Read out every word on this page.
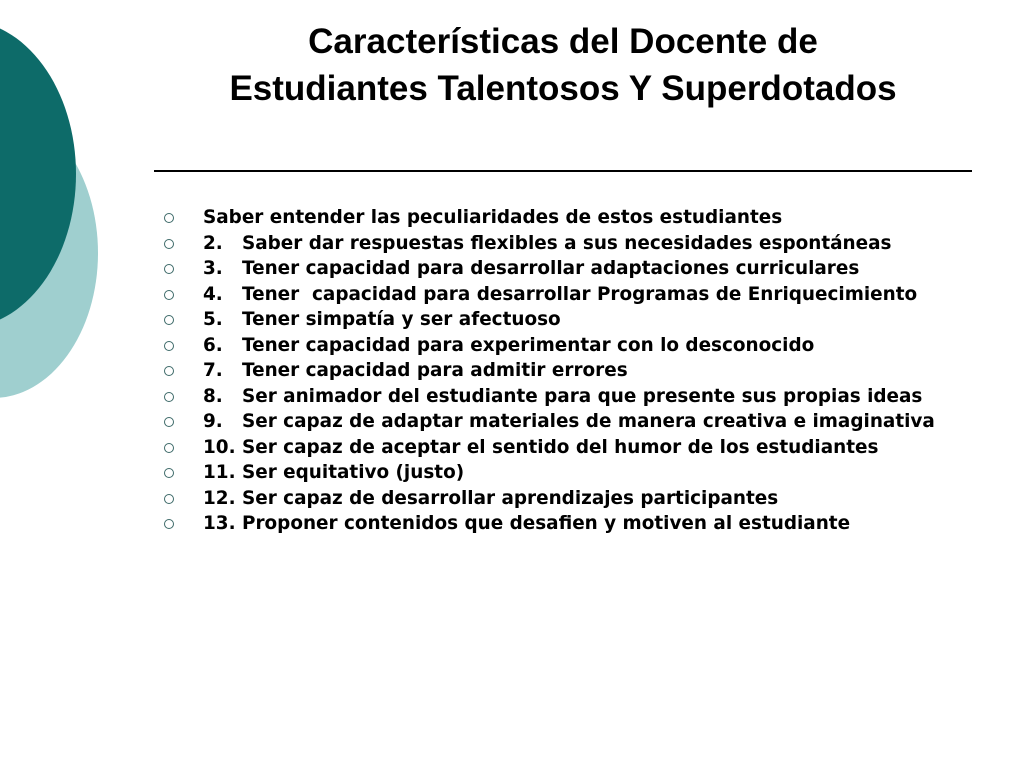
Características del Docente de
Estudiantes Talentosos Y Superdotados
Saber entender las peculiaridades de estos estudiantes
2.   Saber dar respuestas flexibles a sus necesidades espontáneas
3.   Tener capacidad para desarrollar adaptaciones curriculares
4.   Tener  capacidad para desarrollar Programas de Enriquecimiento
5.   Tener simpatía y ser afectuoso
6.   Tener capacidad para experimentar con lo desconocido
7.   Tener capacidad para admitir errores
8.   Ser animador del estudiante para que presente sus propias ideas
9.   Ser capaz de adaptar materiales de manera creativa e imaginativa
10. Ser capaz de aceptar el sentido del humor de los estudiantes
11. Ser equitativo (justo)
12. Ser capaz de desarrollar aprendizajes participantes
13. Proponer contenidos que desafien y motiven al estudiante
